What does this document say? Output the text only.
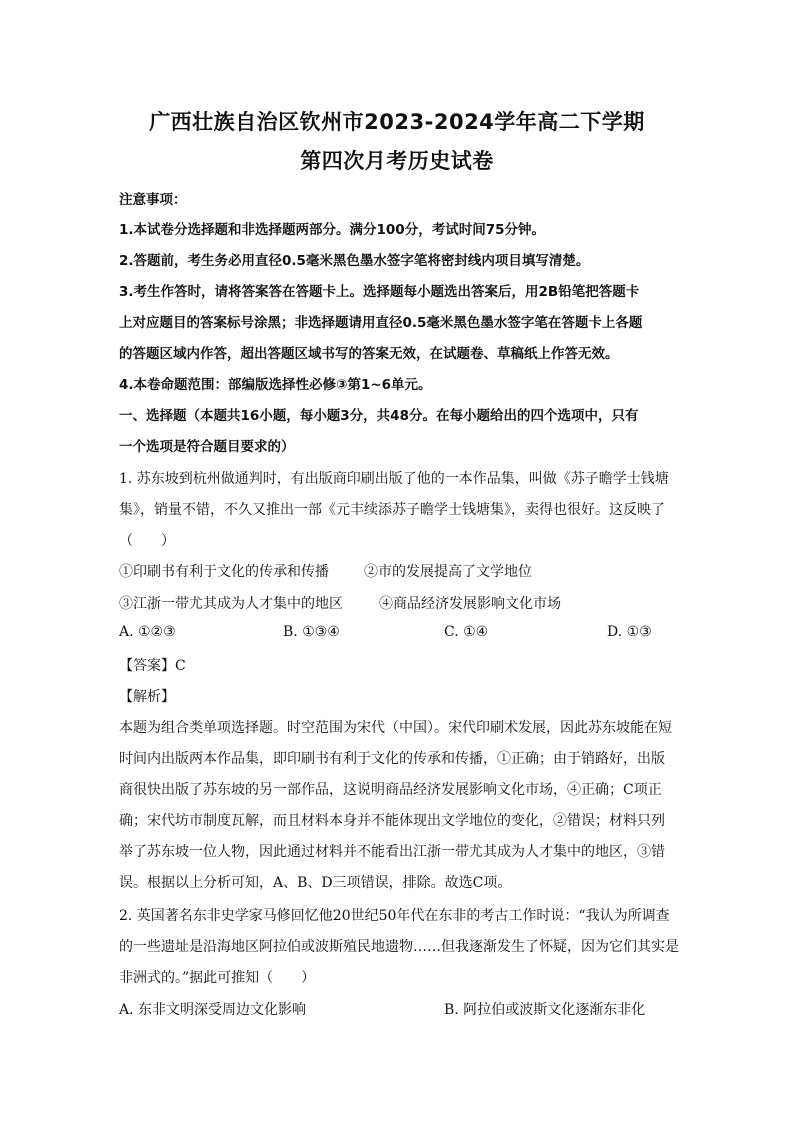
广西壮族自治区钦州市2023-2024学年高二下学期
第四次月考历史试卷
注意事项：
1.本试卷分选择题和非选择题两部分。满分100分，考试时间75分钟。
2.答题前，考生务必用直径0.5毫米黑色墨水签字笔将密封线内项目填写清楚。
3.考生作答时，请将答案答在答题卡上。选择题每小题选出答案后，用2B铅笔把答题卡
上对应题目的答案标号涂黑；非选择题请用直径0.5毫米黑色墨水签字笔在答题卡上各题
的答题区域内作答，超出答题区域书写的答案无效，在试题卷、草稿纸上作答无效。
4.本卷命题范围：部编版选择性必修③第1~6单元。
一、选择题（本题共16小题，每小题3分，共48分。在每小题给出的四个选项中，只有
一个选项是符合题目要求的）
1. 苏东坡到杭州做通判时，有出版商印刷出版了他的一本作品集，叫做《苏子瞻学士钱塘
集》，销量不错，不久又推出一部《元丰续添苏子瞻学士钱塘集》，卖得也很好。这反映了
（　　）
①印刷书有利于文化的传承和传播	②市的发展提高了文学地位
③江浙一带尤其成为人才集中的地区	④商品经济发展影响文化市场
A. ①②③	B. ①③④	C. ①④	D. ①③
【答案】C
【解析】
本题为组合类单项选择题。时空范围为宋代（中国）。宋代印刷术发展，因此苏东坡能在短
时间内出版两本作品集，即印刷书有利于文化的传承和传播，①正确；由于销路好，出版
商很快出版了苏东坡的另一部作品，这说明商品经济发展影响文化市场，④正确；C项正
确；宋代坊市制度瓦解，而且材料本身并不能体现出文学地位的变化，②错误；材料只列
举了苏东坡一位人物，因此通过材料并不能看出江浙一带尤其成为人才集中的地区，③错
误。根据以上分析可知，A、B、D三项错误，排除。故选C项。
2. 英国著名东非史学家马修回忆他20世纪50年代在东非的考古工作时说：“我认为所调查
的一些遗址是沿海地区阿拉伯或波斯殖民地遗物……但我逐渐发生了怀疑，因为它们其实是
非洲式的。”据此可推知（　　）
A. 东非文明深受周边文化影响	B. 阿拉伯或波斯文化逐渐东非化
